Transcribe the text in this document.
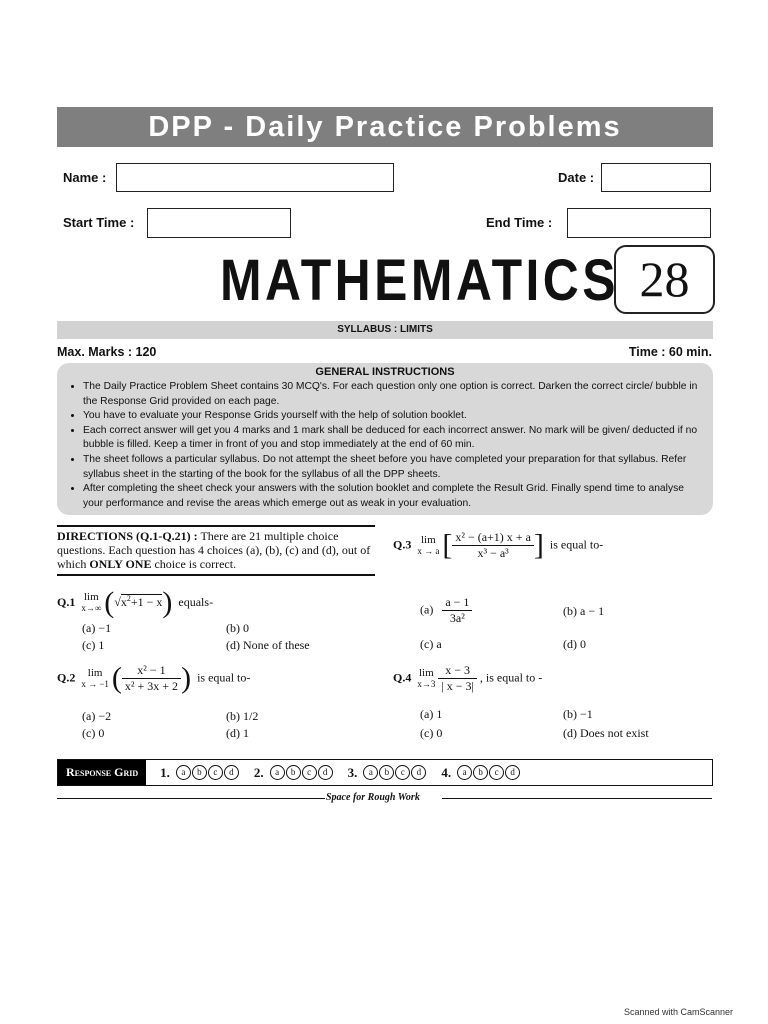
DPP - Daily Practice Problems
Name :	Date :
Start Time :	End Time :
MATHEMATICS 28
SYLLABUS : LIMITS
Max. Marks : 120	Time : 60 min.
GENERAL INSTRUCTIONS
• The Daily Practice Problem Sheet contains 30 MCQ's. For each question only one option is correct. Darken the correct circle/ bubble in the Response Grid provided on each page.
• You have to evaluate your Response Grids yourself with the help of solution booklet.
• Each correct answer will get you 4 marks and 1 mark shall be deduced for each incorrect answer. No mark will be given/ deducted if no bubble is filled. Keep a timer in front of you and stop immediately at the end of 60 min.
• The sheet follows a particular syllabus. Do not attempt the sheet before you have completed your preparation for that syllabus. Refer syllabus sheet in the starting of the book for the syllabus of all the DPP sheets.
• After completing the sheet check your answers with the solution booklet and complete the Result Grid. Finally spend time to analyse your performance and revise the areas which emerge out as weak in your evaluation.
DIRECTIONS (Q.1-Q.21) : There are 21 multiple choice questions. Each question has 4 choices (a), (b), (c) and (d), out of which ONLY ONE choice is correct.
Q.1 lim
x→∞ $(√x^2+1 - x)$ equals-
(a) −1	(b) 0
(c) 1	(d) None of these
Q.2	lim
x → −1 ( $\frac{\text{x² − 1}}{\text{x² + 3x + 2}}$ ) is equal to-
(a) −2	(b) 1/2
(c) 0	(d) 1
Q.3 lim
x → a [ $\frac{\text{x² − (a+1) x + a}}{\text{x³ − a³}}$ ] is equal to-
$(a) \frac{a - 1}{\text{3a²}}$	(b) a − 1
(c) a	(d) 0
Q.4 lim
$x\to 3 \frac{x - 3}{| x - 3|}$ , is equal to -
(a) 1	(b) −1
(c) 0	(d) Does not exist
Response Grid	1.	a	b	c	d	2.	a	b	c	d	3.	a	b	c	d	4.	a	b	c	d
Space for Rough Work
Scanned with CamScanner
